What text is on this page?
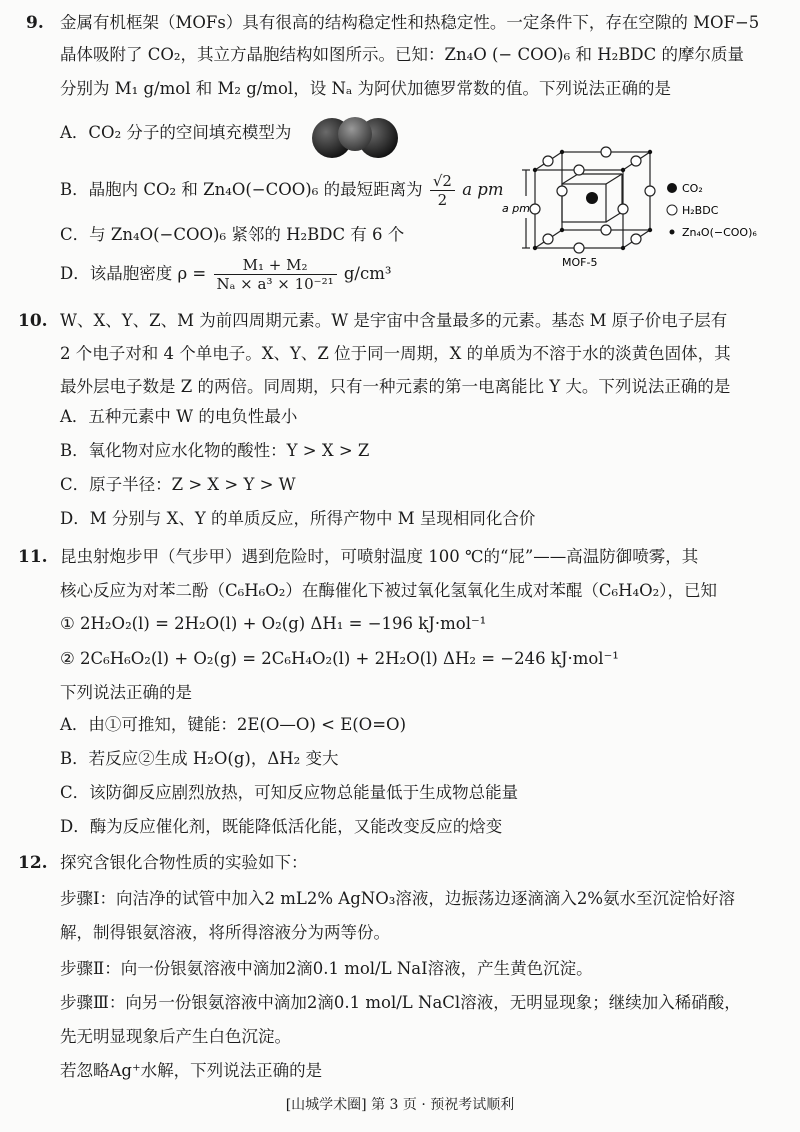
9. 金属有机框架（MOFs）具有很高的结构稳定性和热稳定性。一定条件下，存在空隙的 MOF−5
晶体吸附了 CO₂，其立方晶胞结构如图所示。已知：Zn₄O (− COO)₆ 和 H₂BDC 的摩尔质量
分别为 M₁ g/mol 和 M₂ g/mol，设 Nₐ 为阿伏加德罗常数的值。下列说法正确的是
A．CO₂ 分子的空间填充模型为
B．晶胞内 CO₂ 和 Zn₄O(−COO)₆ 的最短距离为 $\frac{√2}{2}$ a pm
C．与 Zn₄O(−COO)₆ 紧邻的 H₂BDC 有 6 个
D．该晶胞密度 $\rho = \frac{\text{M₁ + M₂}}{\text{Nₐ × a³ × 10⁻²¹}} g/cm^3$
a pm
MOF-5
CO₂
H₂BDC
Zn₄O(−COO)₆
10. W、X、Y、Z、M 为前四周期元素。W 是宇宙中含量最多的元素。基态 M 原子价电子层有
2 个电子对和 4 个单电子。X、Y、Z 位于同一周期，X 的单质为不溶于水的淡黄色固体，其
最外层电子数是 Z 的两倍。同周期，只有一种元素的第一电离能比 Y 大。下列说法正确的是
A．五种元素中 W 的电负性最小
B．氧化物对应水化物的酸性：Y > X > Z
C．原子半径：Z > X > Y > W
D．M 分别与 X、Y 的单质反应，所得产物中 M 呈现相同化合价
11. 昆虫射炮步甲（气步甲）遇到危险时，可喷射温度 100 ℃的“屁”——高温防御喷雾，其
核心反应为对苯二酚（C₆H₆O₂）在酶催化下被过氧化氢氧化生成对苯醌（C₆H₄O₂），已知
① 2H₂O₂(l) = 2H₂O(l) + O₂(g) ΔH₁ = −196 kJ·mol⁻¹
② 2C₆H₆O₂(l) + O₂(g) = 2C₆H₄O₂(l) + 2H₂O(l) ΔH₂ = −246 kJ·mol⁻¹
下列说法正确的是
A．由①可推知，键能：2E(O—O) < E(O=O)
B．若反应②生成 H₂O(g)，ΔH₂ 变大
C．该防御反应剧烈放热，可知反应物总能量低于生成物总能量
D．酶为反应催化剂，既能降低活化能，又能改变反应的焓变
12. 探究含银化合物性质的实验如下：
步骤Ⅰ：向洁净的试管中加入2 mL2% AgNO₃溶液，边振荡边逐滴滴入2%氨水至沉淀恰好溶
解，制得银氨溶液，将所得溶液分为两等份。
步骤Ⅱ：向一份银氨溶液中滴加2滴0.1 mol/L NaI溶液，产生黄色沉淀。
步骤Ⅲ：向另一份银氨溶液中滴加2滴0.1 mol/L NaCl溶液，无明显现象；继续加入稀硝酸，
先无明显现象后产生白色沉淀。
若忽略Ag⁺水解，下列说法正确的是
[山城学术圈] 第 3 页 · 预祝考试顺利
